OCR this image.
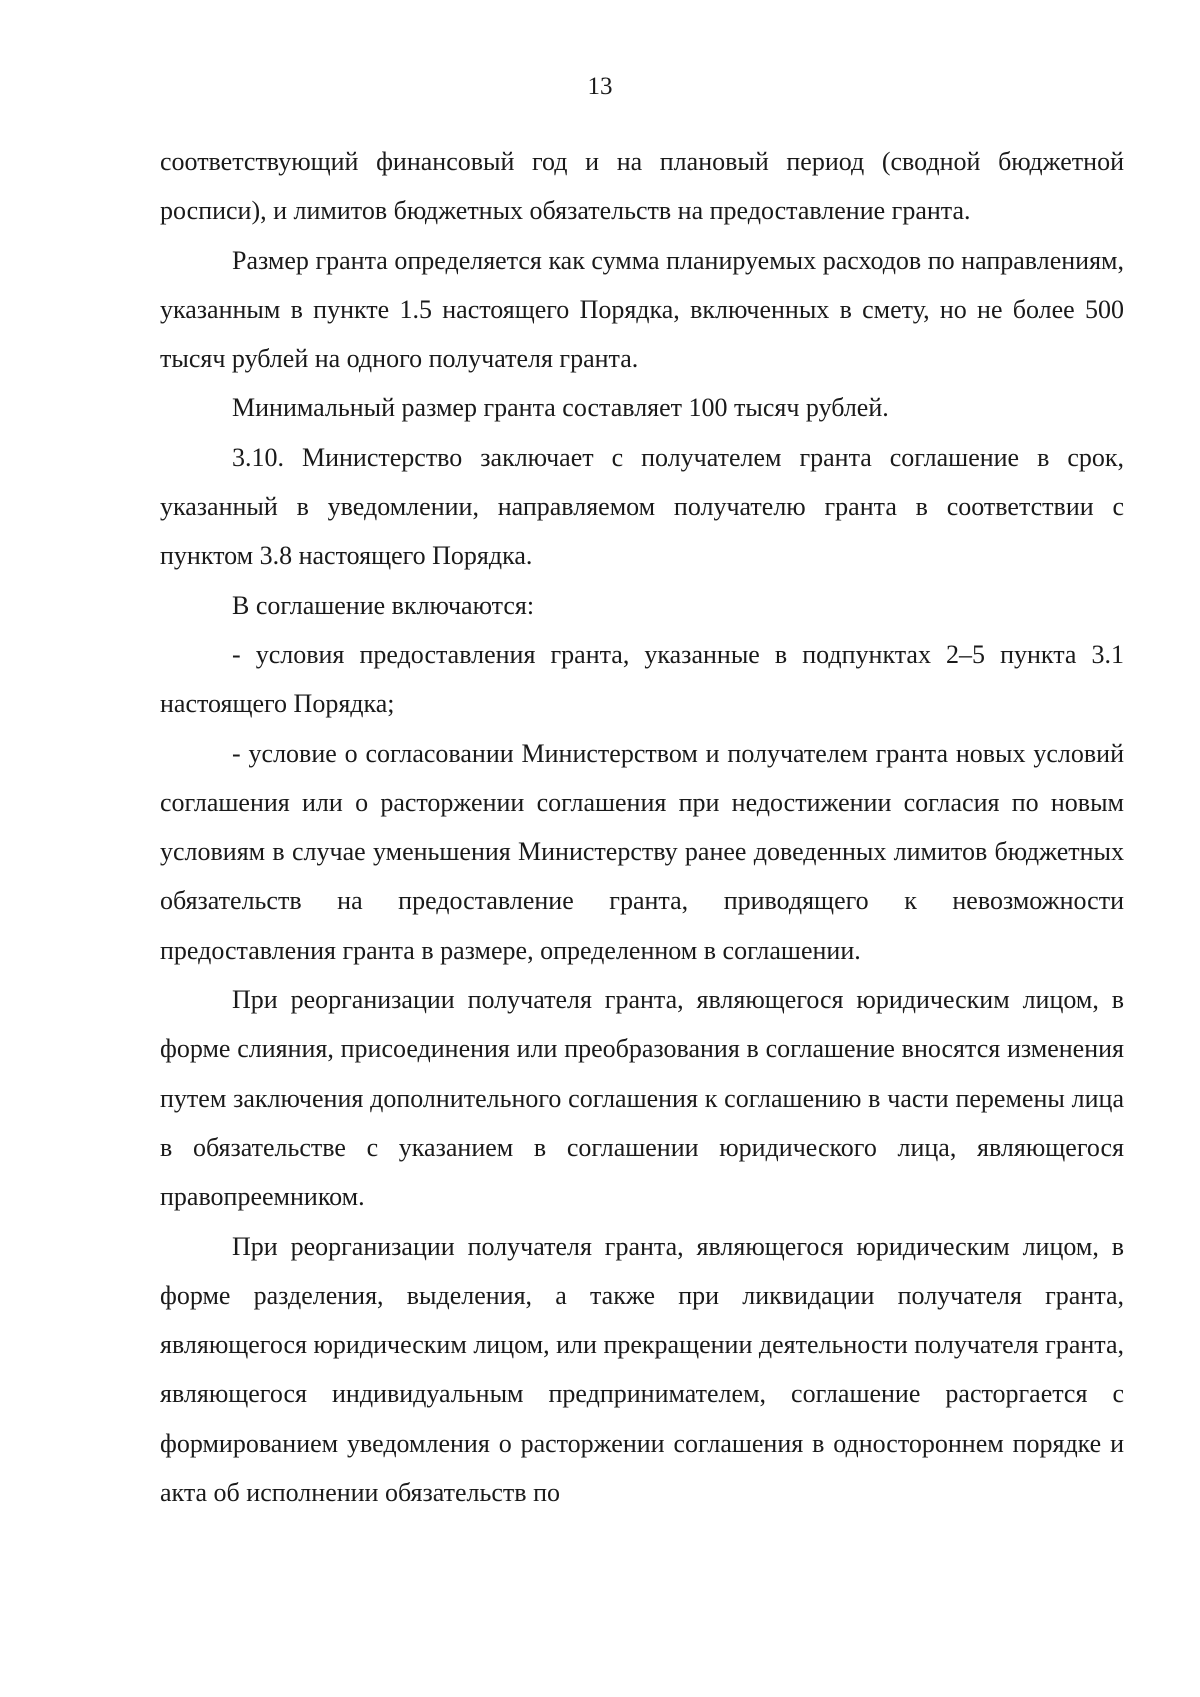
13

соответствующий финансовый год и на плановый период (сводной бюджетной росписи), и лимитов бюджетных обязательств на предоставление гранта.

Размер гранта определяется как сумма планируемых расходов по направлениям, указанным в пункте 1.5 настоящего Порядка, включенных в смету, но не более 500 тысяч рублей на одного получателя гранта.

Минимальный размер гранта составляет 100 тысяч рублей.

3.10. Министерство заключает с получателем гранта соглашение в срок, указанный в уведомлении, направляемом получателю гранта в соответствии с пунктом 3.8 настоящего Порядка.

В соглашение включаются:

- условия предоставления гранта, указанные в подпунктах 2–5 пункта 3.1 настоящего Порядка;

- условие о согласовании Министерством и получателем гранта новых условий соглашения или о расторжении соглашения при недостижении согласия по новым условиям в случае уменьшения Министерству ранее доведенных лимитов бюджетных обязательств на предоставление гранта, приводящего к невозможности предоставления гранта в размере, определенном в соглашении.

При реорганизации получателя гранта, являющегося юридическим лицом, в форме слияния, присоединения или преобразования в соглашение вносятся изменения путем заключения дополнительного соглашения к соглашению в части перемены лица в обязательстве с указанием в соглашении юридического лица, являющегося правопреемником.

При реорганизации получателя гранта, являющегося юридическим лицом, в форме разделения, выделения, а также при ликвидации получателя гранта, являющегося юридическим лицом, или прекращении деятельности получателя гранта, являющегося индивидуальным предпринимателем, соглашение расторгается с формированием уведомления о расторжении соглашения в одностороннем порядке и акта об исполнении обязательств по
